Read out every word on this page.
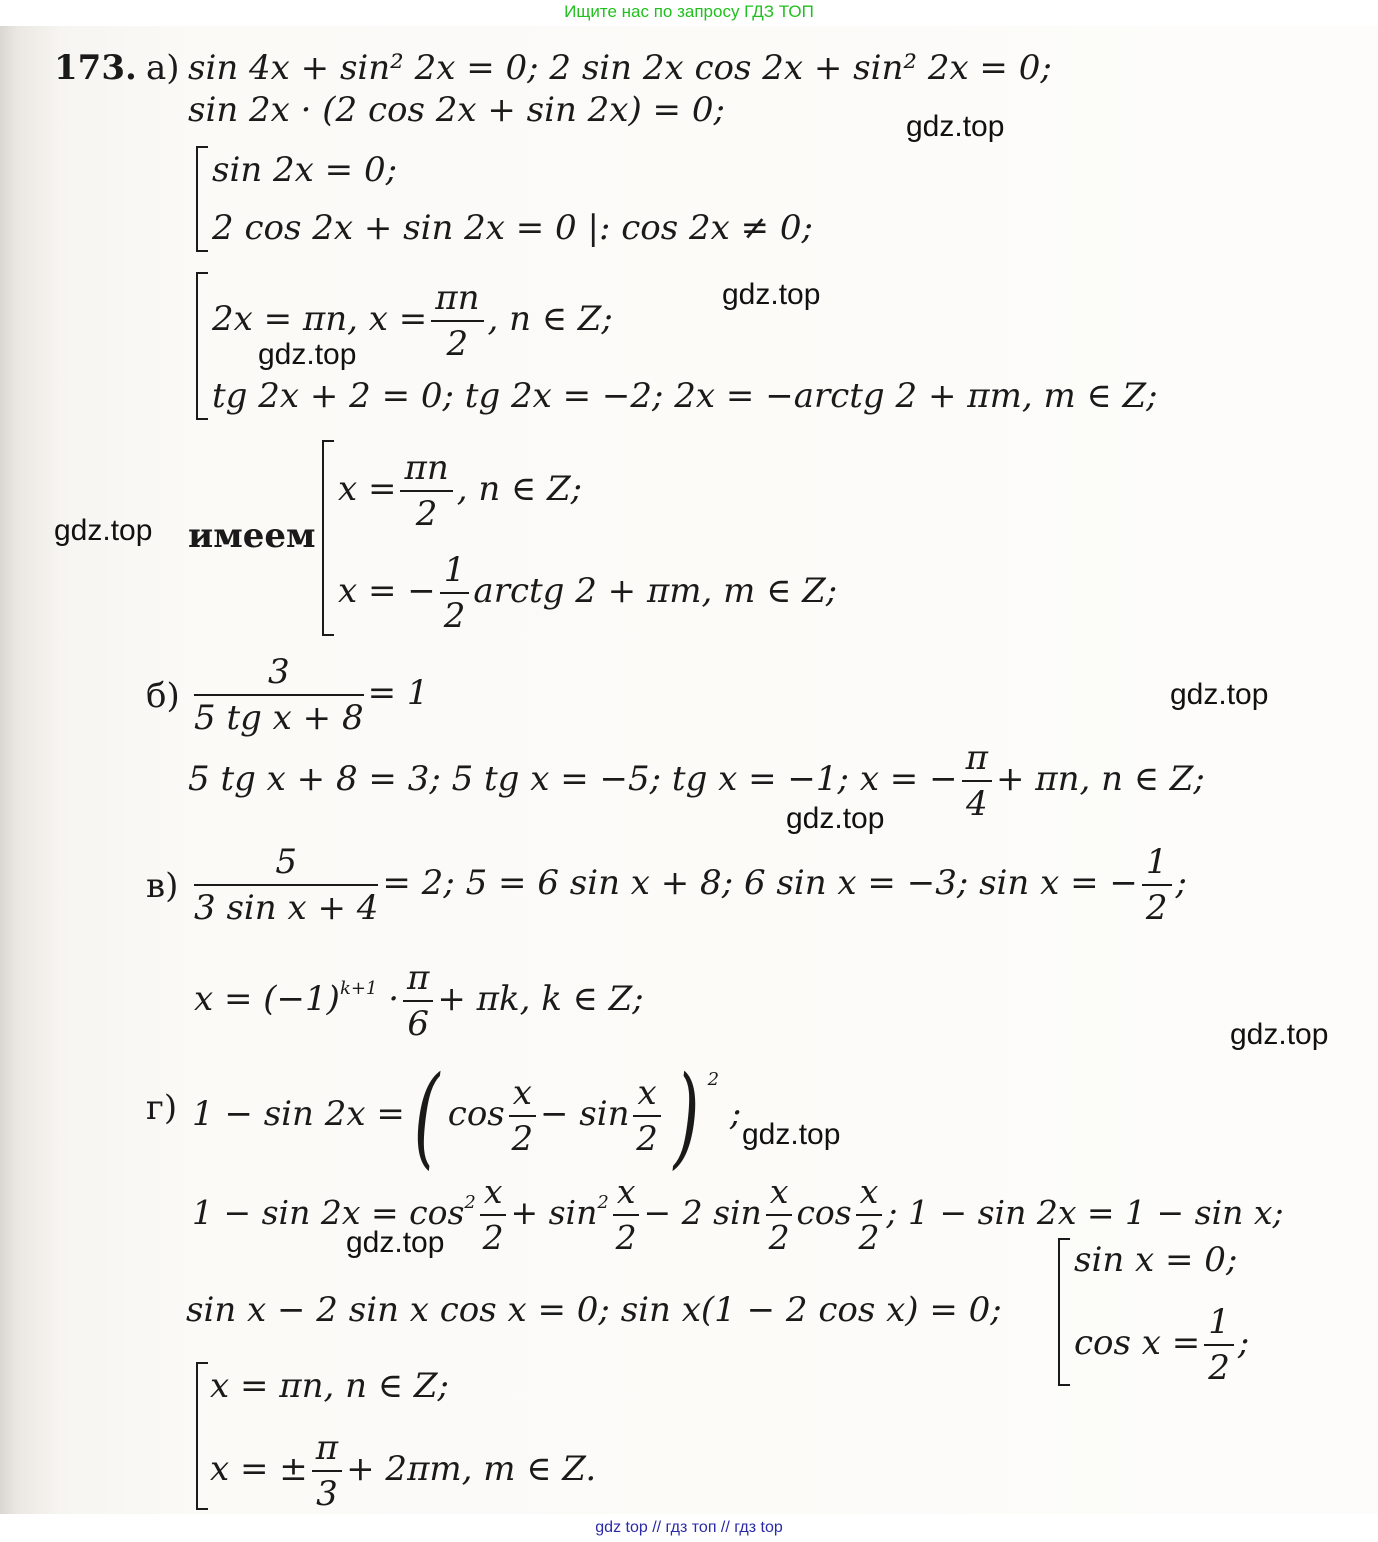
Ищите нас по запросу ГДЗ ТОП
173. а) sin 4x + sin² 2x = 0; 2 sin 2x cos 2x + sin² 2x = 0;
sin 2x · (2 cos 2x + sin 2x) = 0;
sin 2x = 0;
2 cos 2x + sin 2x = 0 |: cos 2x ≠ 0;
2x = πn, $x = \frac{\pi n}{2}$ , n ∈ Z;
tg 2x + 2 = 0; tg 2x = −2; 2x = −arctg 2 + πm, m ∈ Z;
имеем
$x = \frac{\pi n}{2}$ , n ∈ Z;
x = − $\frac{1}{2}$ arctg 2 + πm, m ∈ Z;
$б) \frac{3}{\text{5 tg x + 8}} = 1$
5 tg x + 8 = 3; 5 tg x = −5; tg x = −1; x = − $\frac{\pi}{4} + \pi n$, n ∈ Z;
$в) \frac{5}{\text{3 sin x + 4}} = 2$; 5 = 6 sin x + 8; 6 sin x = −3; sin x = − $\frac{1}{2}$ ;
$x = (-1)^{k+1} \cdot \frac{\pi}{6} + \pi k$, k ∈ Z;
г) 1 − sin 2x =( $\cos \frac{x}{2} - \sin \frac{x}{2}$ ) $^2$ ;
$1 - \sin 2x = \cos^2 \frac{x}{2} + \sin^2 \frac{x}{2} - 2$ $\sin \frac{x}{2}$ $\cos \frac{x}{2}$ ; 1 − sin 2x = 1 − sin x;
sin x − 2 sin x cos x = 0; sin x(1 − 2 cos x) = 0;
sin x = 0;
$\cos x = \frac{1}{2}$ ;
x = πn, n ∈ Z;
x = ± $\frac{\pi}{3} + 2\pi m$, m ∈ Z.
gdz.top
gdz.top
gdz.top
gdz.top
gdz.top
gdz.top
gdz.top
gdz.top
gdz.top
gdz top // гдз топ // гдз top
